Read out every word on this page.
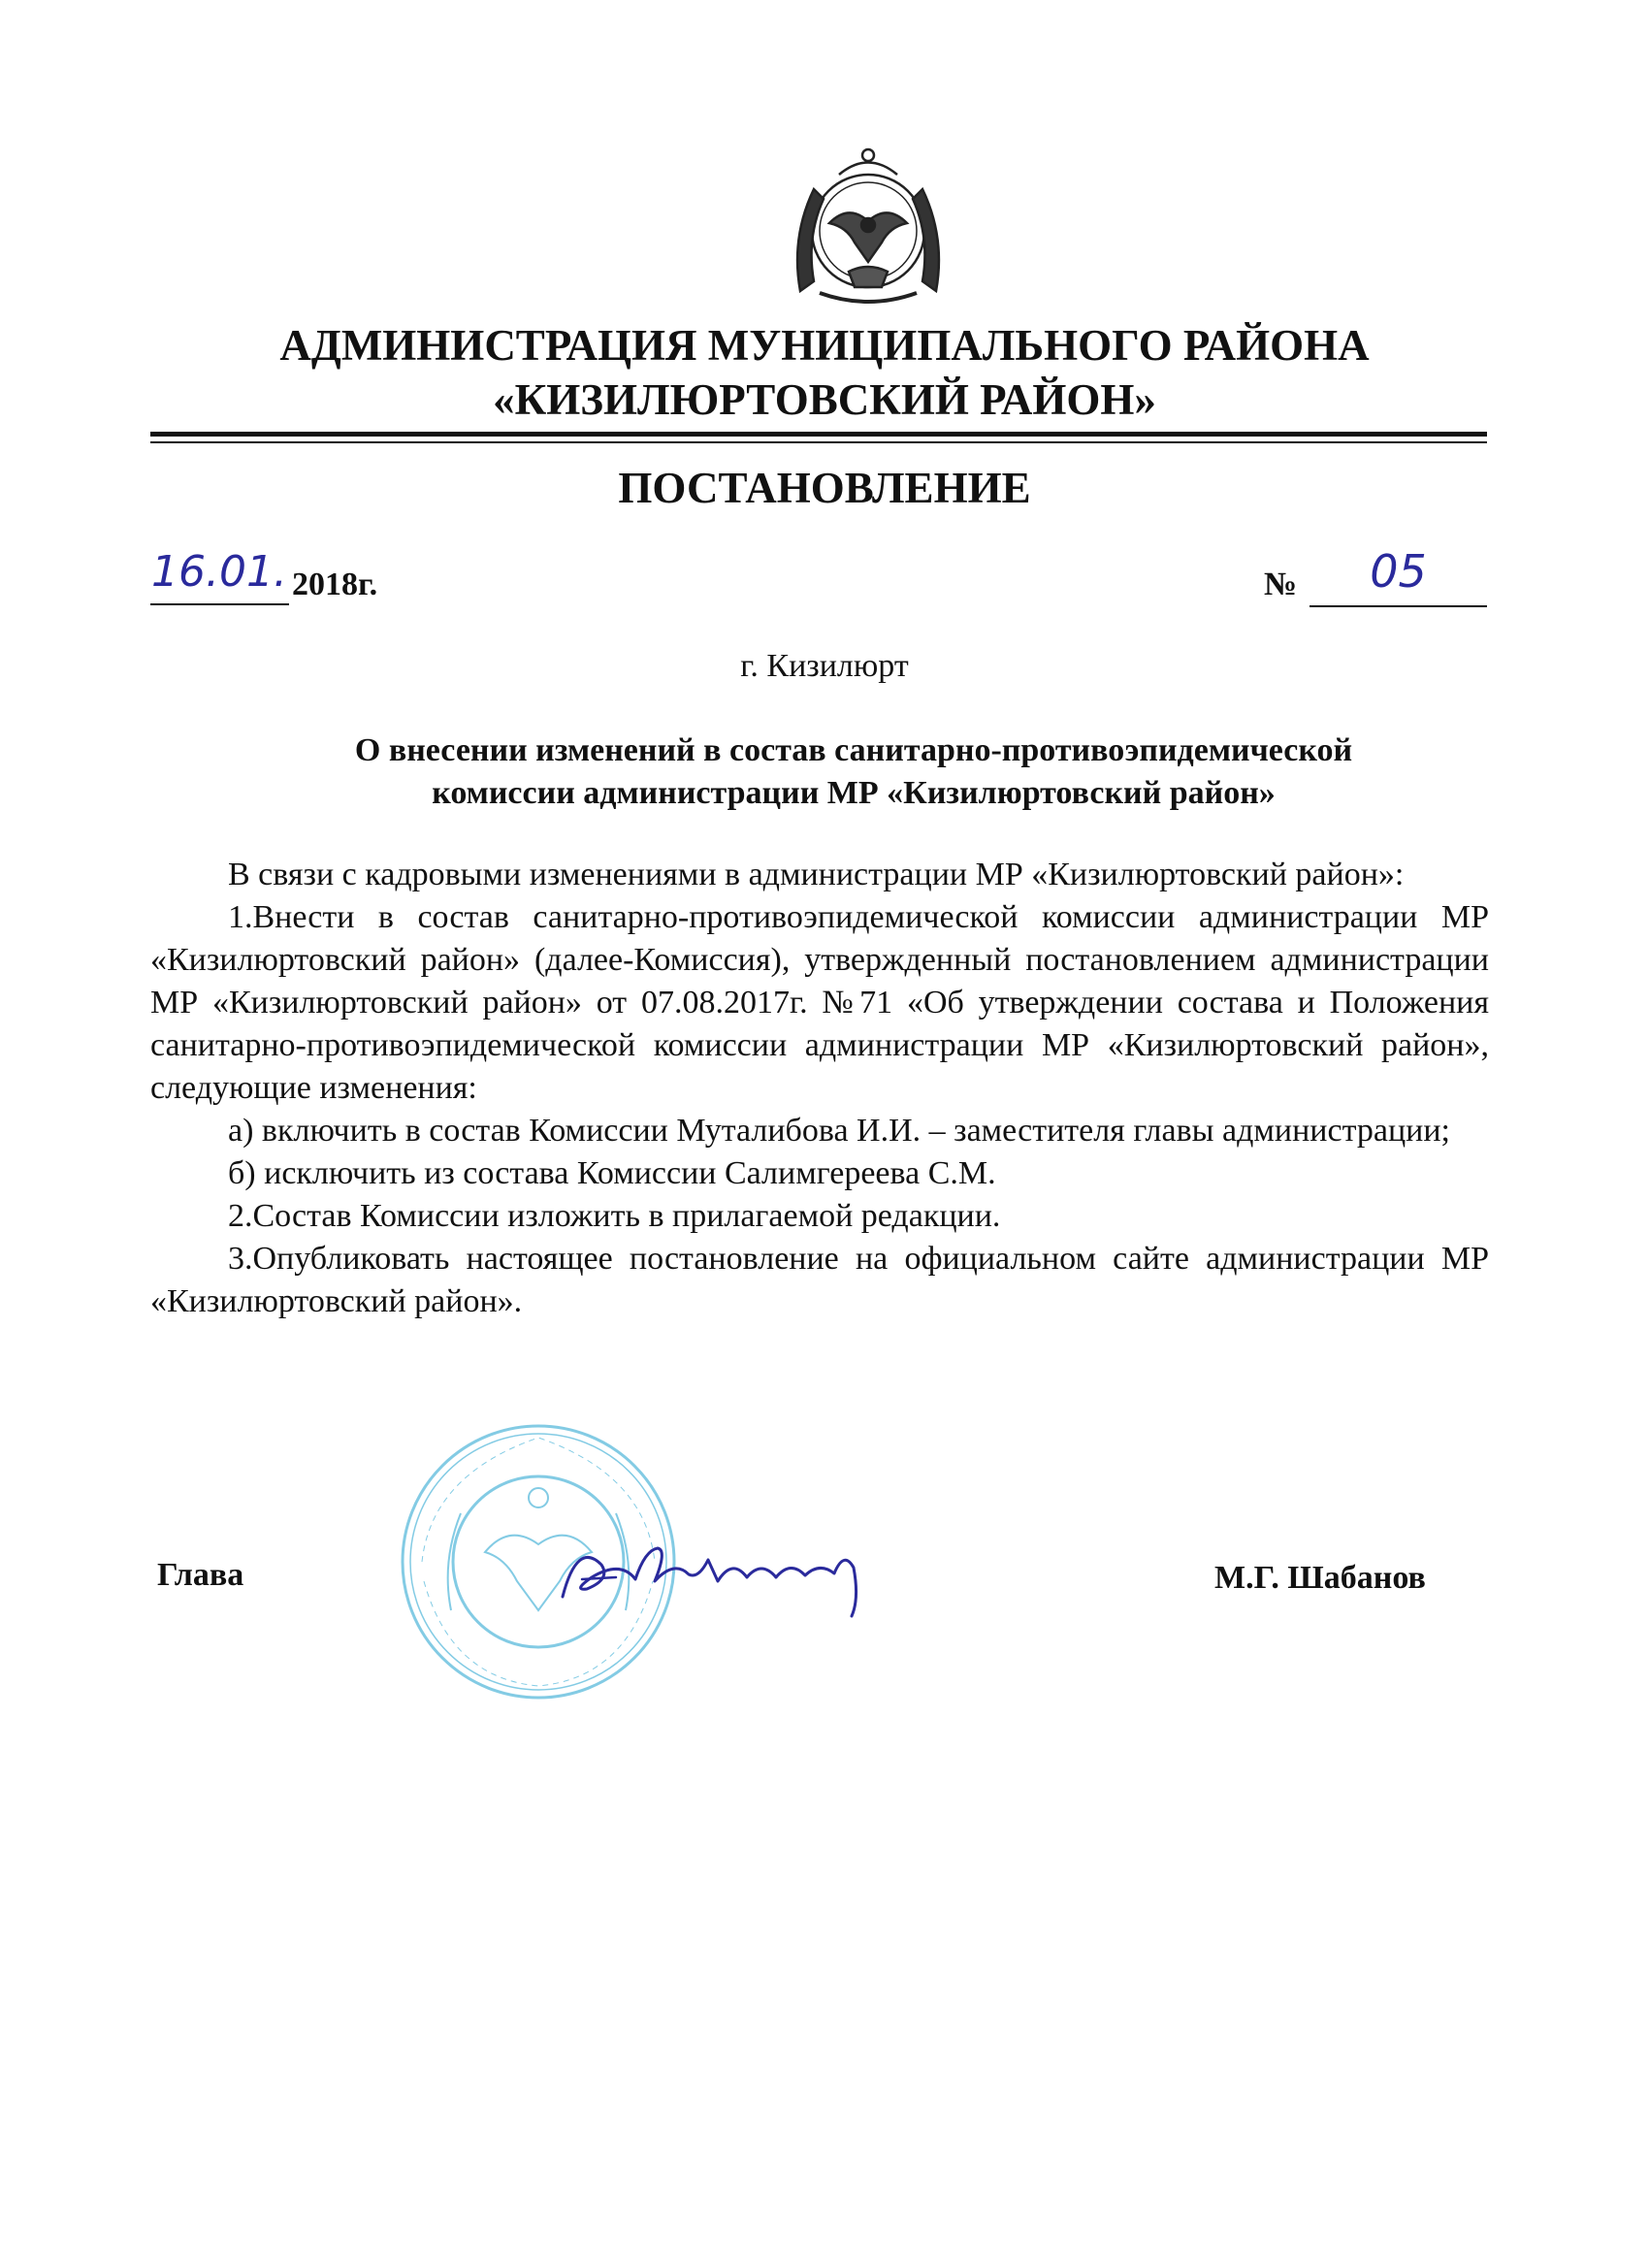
АДМИНИСТРАЦИЯ МУНИЦИПАЛЬНОГО РАЙОНА
«КИЗИЛЮРТОВСКИЙ РАЙОН»
ПОСТАНОВЛЕНИЕ
16.01. 2018г.	№	05
г. Кизилюрт
О внесении изменений в состав санитарно-противоэпидемической
комиссии администрации МР «Кизилюртовский район»

В связи с кадровыми изменениями в администрации МР «Кизилюртовский район»:

1.Внести в состав санитарно-противоэпидемической комиссии администрации МР «Кизилюртовский район» (далее-Комиссия), утвержденный постановлением администрации МР «Кизилюртовский район» от 07.08.2017г. №71 «Об утверждении состава и Положения санитарно-противоэпидемической комиссии администрации МР «Кизилюртовский район», следующие изменения:

а) включить в состав Комиссии Муталибова И.И. – заместителя главы администрации;

б) исключить из состава Комиссии Салимгереева С.М.

2.Состав Комиссии изложить в прилагаемой редакции.

3.Опубликовать настоящее постановление на официальном сайте администрации МР «Кизилюртовский район».

Глава	М.Г. Шабанов
